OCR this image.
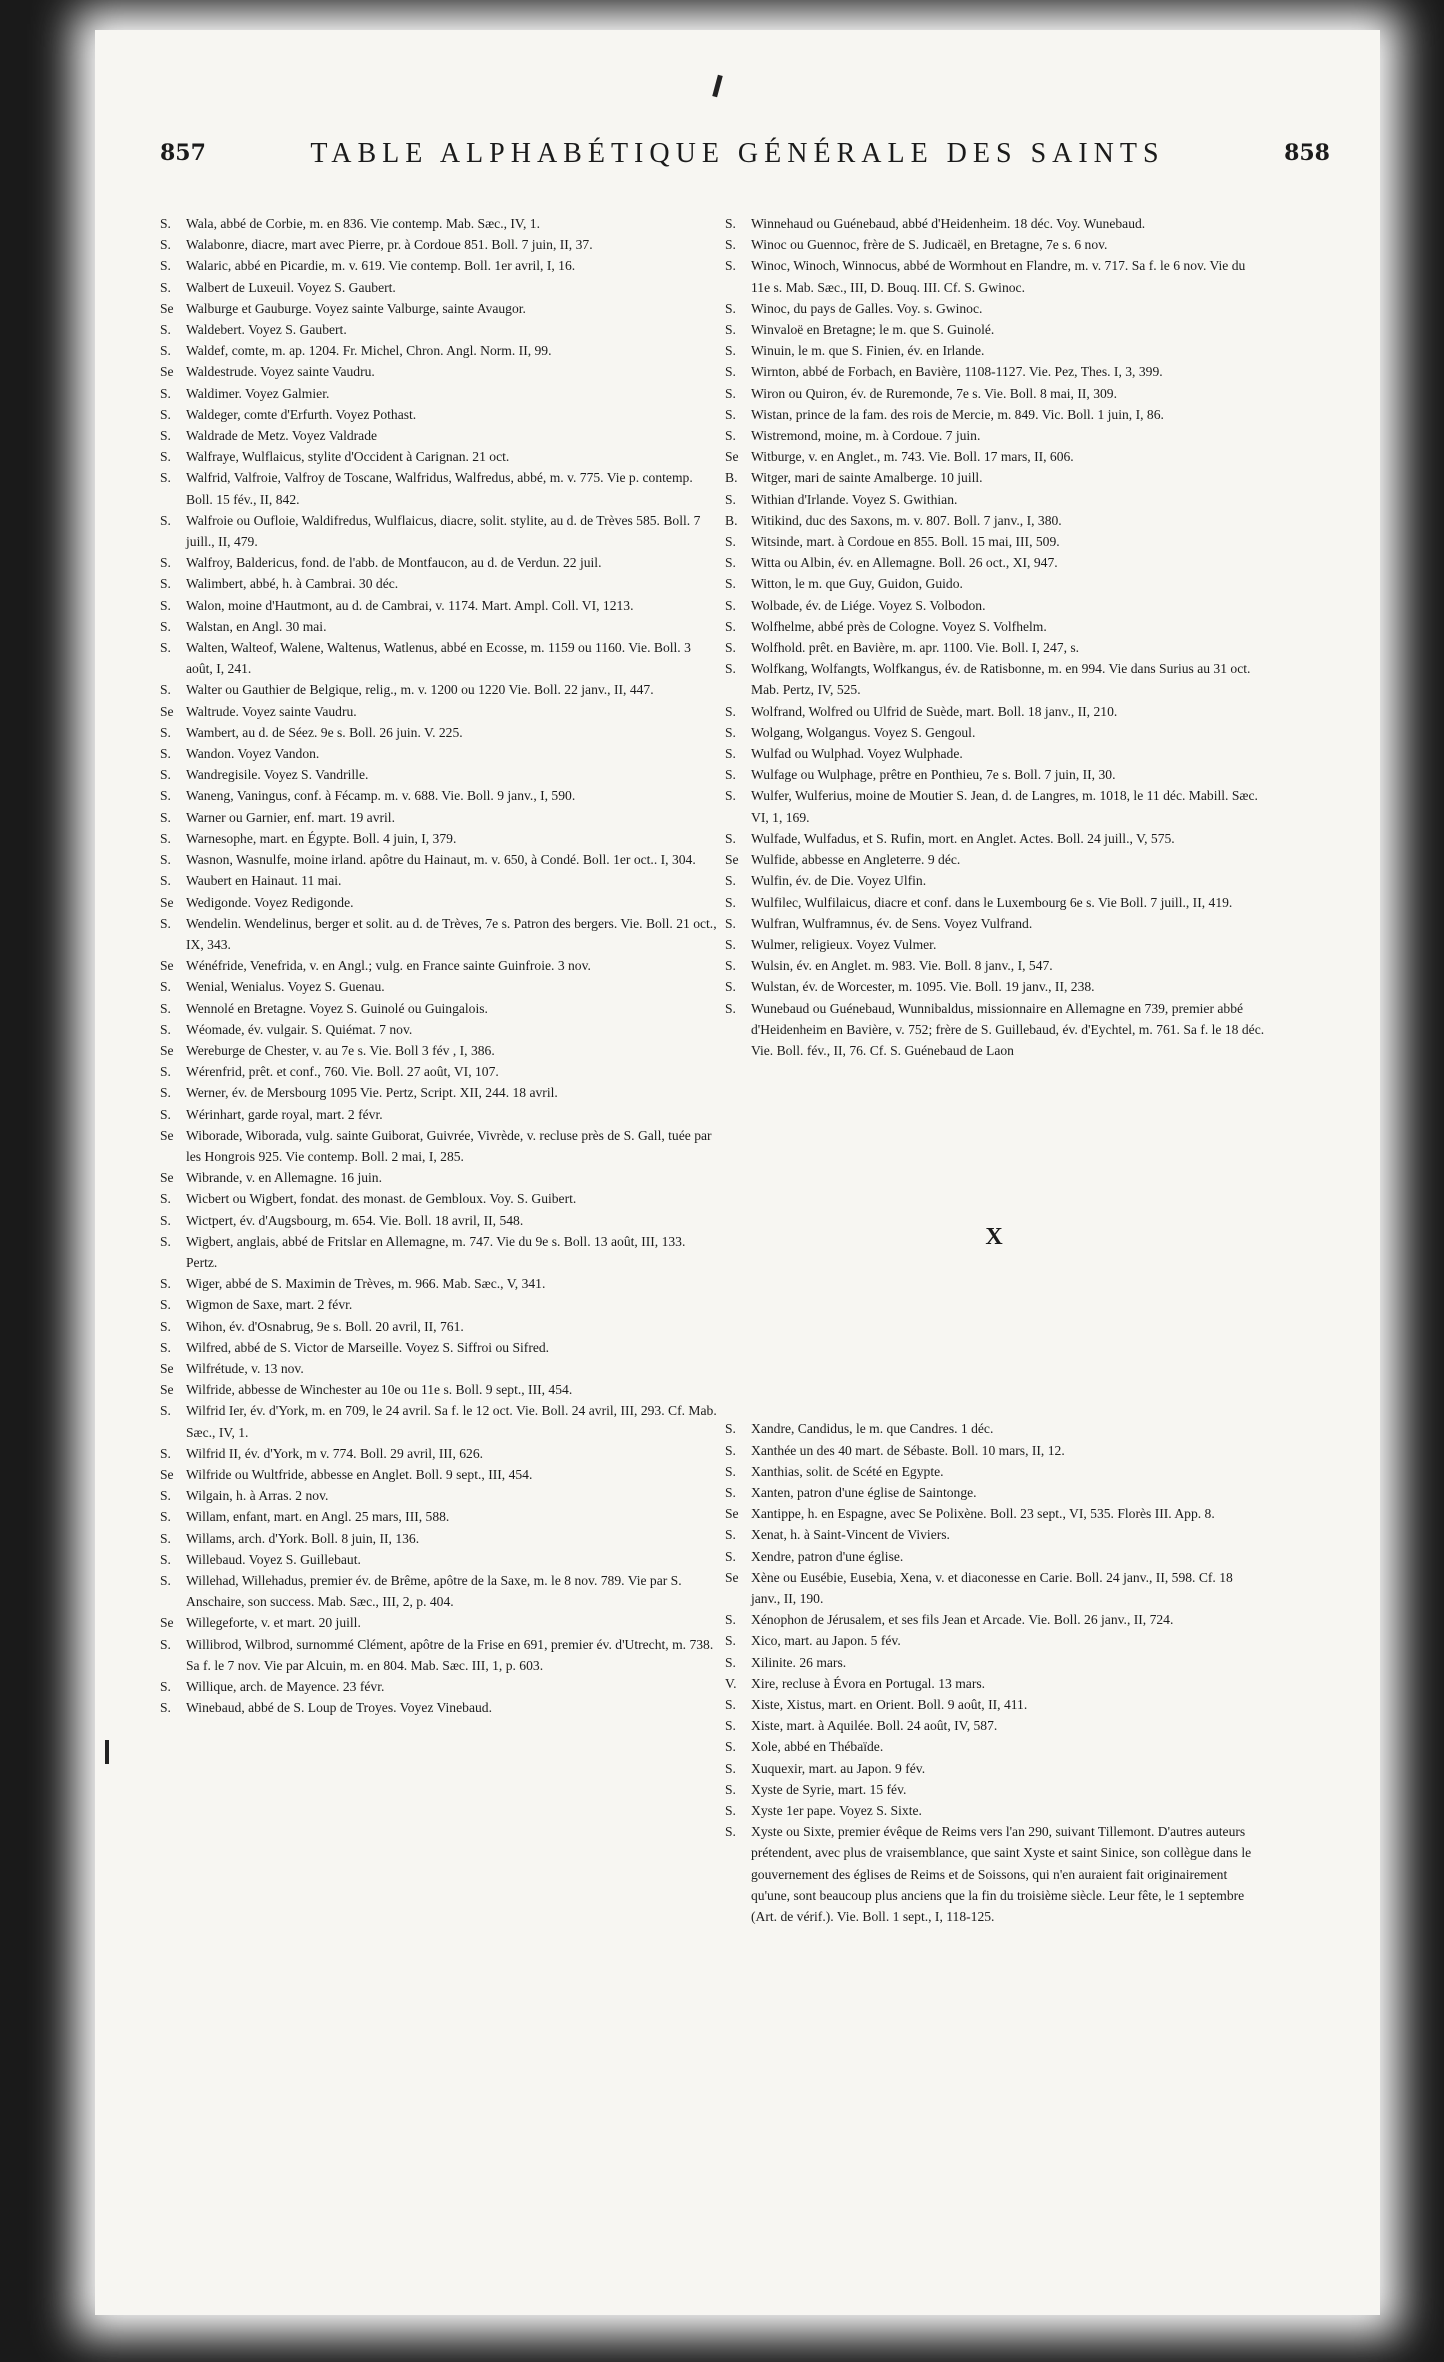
857	TABLE ALPHABÉTIQUE GÉNÉRALE DES SAINTS	858
S. Wala, abbé de Corbie, m. en 836. Vie contemp. Mab. Sæc., IV, 1.
S. Walabonre, diacre, mart avec Pierre, pr. à Cordoue 851. Boll. 7 juin, II, 37.
S. Walaric, abbé en Picardie, m. v. 619. Vie contemp. Boll. 1er avril, I, 16.
S. Walbert de Luxeuil. Voyez S. Gaubert.
Se Walburge et Gauburge. Voyez sainte Valburge, sainte Avaugor.
S. Waldebert. Voyez S. Gaubert.
S. Waldef, comte, m. ap. 1204. Fr. Michel, Chron. Angl. Norm. II, 99.
Se Waldestrude. Voyez sainte Vaudru.
S. Waldimer. Voyez Galmier.
S. Waldeger, comte d'Erfurth. Voyez Pothast.
S. Waldrade de Metz. Voyez Valdrade
S. Walfraye, Wulflaicus, stylite d'Occident à Carignan. 21 oct.
S. Walfrid, Valfroie, Valfroy de Toscane, Walfridus, Walfredus, abbé, m. v. 775. Vie p. contemp. Boll. 15 fév., II, 842.
S. Walfroie ou Oufloie, Waldifredus, Wulflaicus, diacre, solit. stylite, au d. de Trèves 585. Boll. 7 juill., II, 479.
S. Walfroy, Baldericus, fond. de l'abb. de Montfaucon, au d. de Verdun. 22 juil.
S. Walimbert, abbé, h. à Cambrai. 30 déc.
S. Walon, moine d'Hautmont, au d. de Cambrai, v. 1174. Mart. Ampl. Coll. VI, 1213.
S. Walstan, en Angl. 30 mai.
S. Walten, Walteof, Walene, Waltenus, Watlenus, abbé en Ecosse, m. 1159 ou 1160. Vie. Boll. 3 août, I, 241.
S. Walter ou Gauthier de Belgique, relig., m. v. 1200 ou 1220 Vie. Boll. 22 janv., II, 447.
Se Waltrude. Voyez sainte Vaudru.
S. Wambert, au d. de Séez. 9e s. Boll. 26 juin. V. 225.
S. Wandon. Voyez Vandon.
S. Wandregisile. Voyez S. Vandrille.
S. Waneng, Vaningus, conf. à Fécamp. m. v. 688. Vie. Boll. 9 janv., I, 590.
S. Warner ou Garnier, enf. mart. 19 avril.
S. Warnesophe, mart. en Égypte. Boll. 4 juin, I, 379.
S. Wasnon, Wasnulfe, moine irland. apôtre du Hainaut, m. v. 650, à Condé. Boll. 1er oct.. I, 304.
S. Waubert en Hainaut. 11 mai.
Se Wedigonde. Voyez Redigonde.
S. Wendelin. Wendelinus, berger et solit. au d. de Trèves, 7e s. Patron des bergers. Vie. Boll. 21 oct., IX, 343.
Se Wénéfride, Venefrida, v. en Angl.; vulg. en France sainte Guinfroie. 3 nov.
S. Wenial, Wenialus. Voyez S. Guenau.
S. Wennolé en Bretagne. Voyez S. Guinolé ou Guingalois.
S. Wéomade, év. vulgair. S. Quiémat. 7 nov.
Se Wereburge de Chester, v. au 7e s. Vie. Boll 3 fév , I, 386.
S. Wérenfrid, prêt. et conf., 760. Vie. Boll. 27 août, VI, 107.
S. Werner, év. de Mersbourg 1095 Vie. Pertz, Script. XII, 244. 18 avril.
S. Wérinhart, garde royal, mart. 2 févr.
Se Wiborade, Wiborada, vulg. sainte Guiborat, Guivrée, Vivrède, v. recluse près de S. Gall, tuée par les Hongrois 925. Vie contemp. Boll. 2 mai, I, 285.
Se Wibrande, v. en Allemagne. 16 juin.
S. Wicbert ou Wigbert, fondat. des monast. de Gembloux. Voy. S. Guibert.
S. Wictpert, év. d'Augsbourg, m. 654. Vie. Boll. 18 avril, II, 548.
S. Wigbert, anglais, abbé de Fritslar en Allemagne, m. 747. Vie du 9e s. Boll. 13 août, III, 133. Pertz.
S. Wiger, abbé de S. Maximin de Trèves, m. 966. Mab. Sæc., V, 341.
S. Wigmon de Saxe, mart. 2 févr.
S. Wihon, év. d'Osnabrug, 9e s. Boll. 20 avril, II, 761.
S. Wilfred, abbé de S. Victor de Marseille. Voyez S. Siffroi ou Sifred.
Se Wilfrétude, v. 13 nov.
Se Wilfride, abbesse de Winchester au 10e ou 11e s. Boll. 9 sept., III, 454.
S. Wilfrid Ier, év. d'York, m. en 709, le 24 avril. Sa f. le 12 oct. Vie. Boll. 24 avril, III, 293. Cf. Mab. Sæc., IV, 1.
S. Wilfrid II, év. d'York, m v. 774. Boll. 29 avril, III, 626.
Se Wilfride ou Wultfride, abbesse en Anglet. Boll. 9 sept., III, 454.
S. Wilgain, h. à Arras. 2 nov.
S. Willam, enfant, mart. en Angl. 25 mars, III, 588.
S. Willams, arch. d'York. Boll. 8 juin, II, 136.
S. Willebaud. Voyez S. Guillebaut.
S. Willehad, Willehadus, premier év. de Brême, apôtre de la Saxe, m. le 8 nov. 789. Vie par S. Anschaire, son success. Mab. Sæc., III, 2, p. 404.
Se Willegeforte, v. et mart. 20 juill.
S. Willibrod, Wilbrod, surnommé Clément, apôtre de la Frise en 691, premier év. d'Utrecht, m. 738. Sa f. le 7 nov. Vie par Alcuin, m. en 804. Mab. Sæc. III, 1, p. 603.
S. Willique, arch. de Mayence. 23 févr.
S. Winebaud, abbé de S. Loup de Troyes. Voyez Vinebaud.
S. Winnehaud ou Guénebaud, abbé d'Heidenheim. 18 déc. Voy. Wunebaud.
S. Winoc ou Guennoc, frère de S. Judicaël, en Bretagne, 7e s. 6 nov.
S. Winoc, Winoch, Winnocus, abbé de Wormhout en Flandre, m. v. 717. Sa f. le 6 nov. Vie du 11e s. Mab. Sæc., III, D. Bouq. III. Cf. S. Gwinoc.
S. Winoc, du pays de Galles. Voy. s. Gwinoc.
S. Winvaloë en Bretagne; le m. que S. Guinolé.
S. Winuin, le m. que S. Finien, év. en Irlande.
S. Wirnton, abbé de Forbach, en Bavière, 1108-1127. Vie. Pez, Thes. I, 3, 399.
S. Wiron ou Quiron, év. de Ruremonde, 7e s. Vie. Boll. 8 mai, II, 309.
S. Wistan, prince de la fam. des rois de Mercie, m. 849. Vic. Boll. 1 juin, I, 86.
S. Wistremond, moine, m. à Cordoue. 7 juin.
Se Witburge, v. en Anglet., m. 743. Vie. Boll. 17 mars, II, 606.
B. Witger, mari de sainte Amalberge. 10 juill.
S. Withian d'Irlande. Voyez S. Gwithian.
B. Witikind, duc des Saxons, m. v. 807. Boll. 7 janv., I, 380.
S. Witsinde, mart. à Cordoue en 855. Boll. 15 mai, III, 509.
S. Witta ou Albin, év. en Allemagne. Boll. 26 oct., XI, 947.
S. Witton, le m. que Guy, Guidon, Guido.
S. Wolbade, év. de Liége. Voyez S. Volbodon.
S. Wolfhelme, abbé près de Cologne. Voyez S. Volfhelm.
S. Wolfhold. prêt. en Bavière, m. apr. 1100. Vie. Boll. I, 247, s.
S. Wolfkang, Wolfangts, Wolfkangus, év. de Ratisbonne, m. en 994. Vie dans Surius au 31 oct. Mab. Pertz, IV, 525.
S. Wolfrand, Wolfred ou Ulfrid de Suède, mart. Boll. 18 janv., II, 210.
S. Wolgang, Wolgangus. Voyez S. Gengoul.
S. Wulfad ou Wulphad. Voyez Wulphade.
S. Wulfage ou Wulphage, prêtre en Ponthieu, 7e s. Boll. 7 juin, II, 30.
S. Wulfer, Wulferius, moine de Moutier S. Jean, d. de Langres, m. 1018, le 11 déc. Mabill. Sæc. VI, 1, 169.
S. Wulfade, Wulfadus, et S. Rufin, mort. en Anglet. Actes. Boll. 24 juill., V, 575.
Se Wulfide, abbesse en Angleterre. 9 déc.
S. Wulfin, év. de Die. Voyez Ulfin.
S. Wulfilec, Wulfilaicus, diacre et conf. dans le Luxembourg 6e s. Vie Boll. 7 juill., II, 419.
S. Wulfran, Wulframnus, év. de Sens. Voyez Vulfrand.
S. Wulmer, religieux. Voyez Vulmer.
S. Wulsin, év. en Anglet. m. 983. Vie. Boll. 8 janv., I, 547.
S. Wulstan, év. de Worcester, m. 1095. Vie. Boll. 19 janv., II, 238.
S. Wunebaud ou Guénebaud, Wunnibaldus, missionnaire en Allemagne en 739, premier abbé d'Heidenheim en Bavière, v. 752; frère de S. Guillebaud, év. d'Eychtel, m. 761. Sa f. le 18 déc. Vie. Boll. fév., II, 76. Cf. S. Guénebaud de Laon
X
S. Xandre, Candidus, le m. que Candres. 1 déc.
S. Xanthée un des 40 mart. de Sébaste. Boll. 10 mars, II, 12.
S. Xanthias, solit. de Scété en Egypte.
S. Xanten, patron d'une église de Saintonge.
Se Xantippe, h. en Espagne, avec Se Polixène. Boll. 23 sept., VI, 535. Florès III. App. 8.
S. Xenat, h. à Saint-Vincent de Viviers.
S. Xendre, patron d'une église.
Se Xène ou Eusébie, Eusebia, Xena, v. et diaconesse en Carie. Boll. 24 janv., II, 598. Cf. 18 janv., II, 190.
S. Xénophon de Jérusalem, et ses fils Jean et Arcade. Vie. Boll. 26 janv., II, 724.
S. Xico, mart. au Japon. 5 fév.
S. Xilinite. 26 mars.
V. Xire, recluse à Évora en Portugal. 13 mars.
S. Xiste, Xistus, mart. en Orient. Boll. 9 août, II, 411.
S. Xiste, mart. à Aquilée. Boll. 24 août, IV, 587.
S. Xole, abbé en Thébaïde.
S. Xuquexir, mart. au Japon. 9 fév.
S. Xyste de Syrie, mart. 15 fév.
S. Xyste 1er pape. Voyez S. Sixte.
S. Xyste ou Sixte, premier évêque de Reims vers l'an 290, suivant Tillemont. D'autres auteurs prétendent, avec plus de vraisemblance, que saint Xyste et saint Sinice, son collègue dans le gouvernement des églises de Reims et de Soissons, qui n'en auraient fait originairement qu'une, sont beaucoup plus anciens que la fin du troisième siècle. Leur fête, le 1 septembre (Art. de vérif.). Vie. Boll. 1 sept., I, 118-125.
